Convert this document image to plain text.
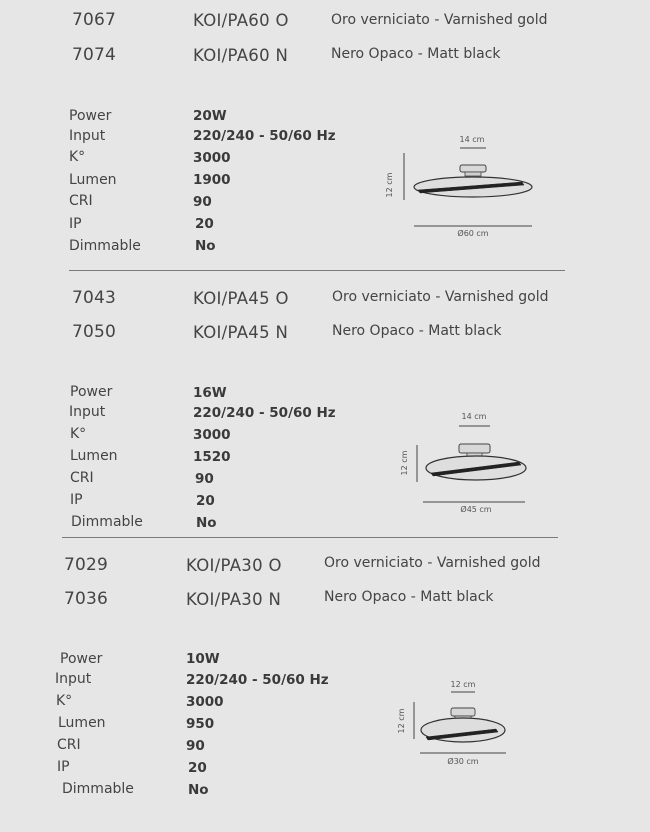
7067	KOI/PA60 O	Oro verniciato - Varnished gold
7074	KOI/PA60 N	Nero Opaco - Matt black
Power	20W
Input	220/240 - 50/60 Hz
K°	3000
Lumen	1900
CRI	90
IP	20
Dimmable	No
14 cm
12 cm
Ø60 cm
7043	KOI/PA45 O	Oro verniciato - Varnished gold
7050	KOI/PA45 N	Nero Opaco - Matt black
Power	16W
Input	220/240 - 50/60 Hz
K°	3000
Lumen	1520
CRI	90
IP	20
Dimmable	No
14 cm
12 cm
Ø45 cm
7029	KOI/PA30 O	Oro verniciato - Varnished gold
7036	KOI/PA30 N	Nero Opaco - Matt black
Power	10W
Input	220/240 - 50/60 Hz
K°	3000
Lumen	950
CRI	90
IP	20
Dimmable	No
12 cm
12 cm
Ø30 cm
